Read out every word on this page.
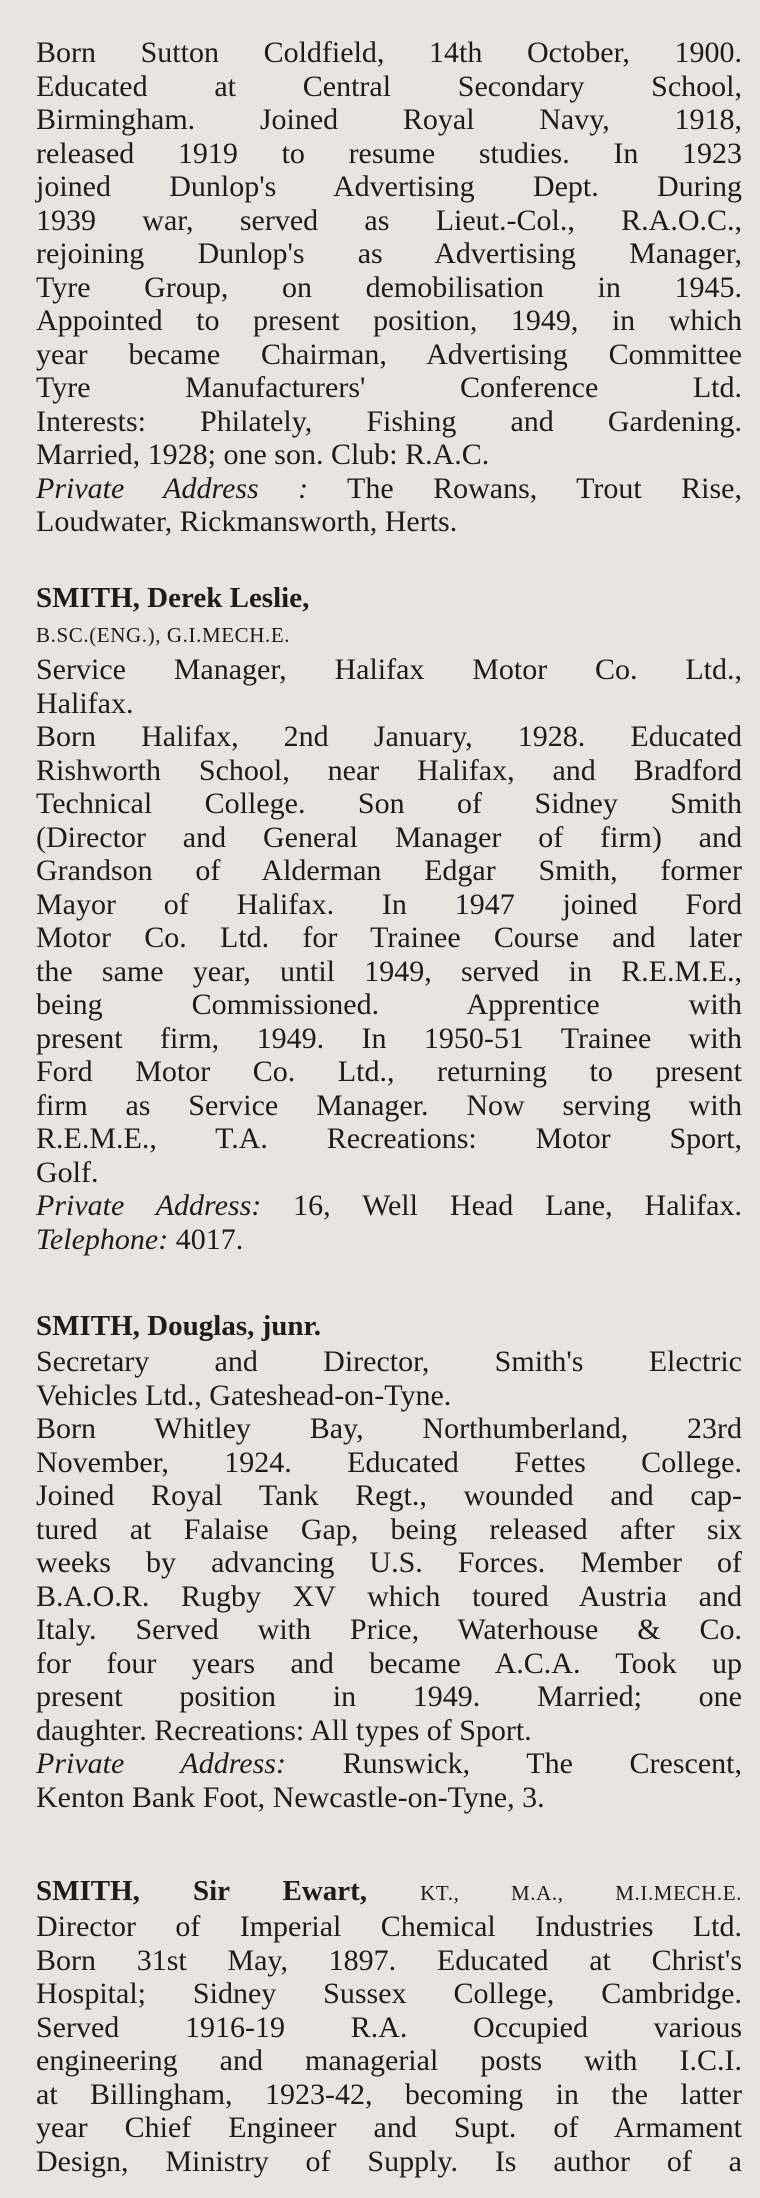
Born Sutton Coldfield, 14th October, 1900.
Educated at Central Secondary School,
Birmingham. Joined Royal Navy, 1918,
released 1919 to resume studies. In 1923
joined Dunlop's Advertising Dept. During
1939 war, served as Lieut.-Col., R.A.O.C.,
rejoining Dunlop's as Advertising Manager,
Tyre Group, on demobilisation in 1945.
Appointed to present position, 1949, in which
year became Chairman, Advertising Committee
Tyre Manufacturers' Conference Ltd.
Interests: Philately, Fishing and Gardening.
Married, 1928; one son. Club: R.A.C.
Private Address : The Rowans, Trout Rise,
Loudwater, Rickmansworth, Herts.
SMITH, Derek Leslie,
B.SC.(ENG.), G.I.MECH.E.
Service Manager, Halifax Motor Co. Ltd.,
Halifax.
Born Halifax, 2nd January, 1928. Educated
Rishworth School, near Halifax, and Bradford
Technical College. Son of Sidney Smith
(Director and General Manager of firm) and
Grandson of Alderman Edgar Smith, former
Mayor of Halifax. In 1947 joined Ford
Motor Co. Ltd. for Trainee Course and later
the same year, until 1949, served in R.E.M.E.,
being Commissioned. Apprentice with
present firm, 1949. In 1950-51 Trainee with
Ford Motor Co. Ltd., returning to present
firm as Service Manager. Now serving with
R.E.M.E., T.A. Recreations: Motor Sport,
Golf.
Private Address: 16, Well Head Lane, Halifax.
Telephone: 4017.
SMITH, Douglas, junr.
Secretary and Director, Smith's Electric
Vehicles Ltd., Gateshead-on-Tyne.
Born Whitley Bay, Northumberland, 23rd
November, 1924. Educated Fettes College.
Joined Royal Tank Regt., wounded and cap-
tured at Falaise Gap, being released after six
weeks by advancing U.S. Forces. Member of
B.A.O.R. Rugby XV which toured Austria and
Italy. Served with Price, Waterhouse & Co.
for four years and became A.C.A. Took up
present position in 1949. Married; one
daughter. Recreations: All types of Sport.
Private Address: Runswick, The Crescent,
Kenton Bank Foot, Newcastle-on-Tyne, 3.
SMITH, Sir Ewart,	KT., M.A., M.I.MECH.E.
Director of Imperial Chemical Industries Ltd.
Born 31st May, 1897. Educated at Christ's
Hospital; Sidney Sussex College, Cambridge.
Served 1916-19 R.A. Occupied various
engineering and managerial posts with I.C.I.
at Billingham, 1923-42, becoming in the latter
year Chief Engineer and Supt. of Armament
Design, Ministry of Supply. Is author of a
